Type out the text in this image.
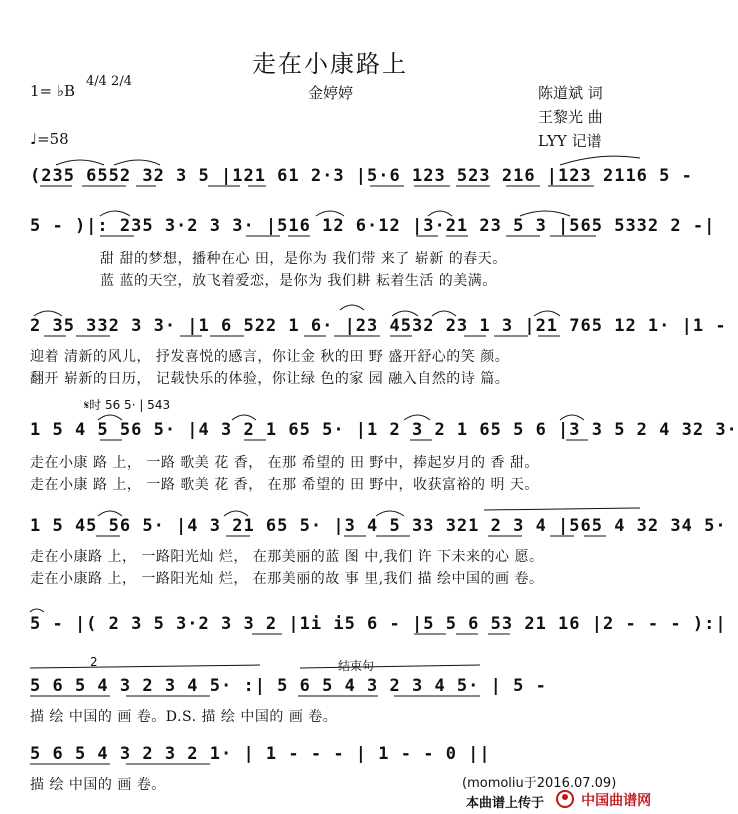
走在小康路上
1= ♭B
4/4 2/4
金婷婷	陈道斌 词
王黎光 曲
LYY 记谱
♩=58
(235 6552 32 3 5 |121 61 2·3 |5·6 123 523 216 |123 2116 5 -
5 - )|: 235 3·2 3 3· |516 12 6·12 |3·21 23 5 3 |565 5332 2 -|
甜 甜的梦想，播种在心 田，是你为 我们带 来了 崭新 的春天。
蓝 蓝的天空，放飞着爱恋，是你为 我们耕 耘着生活 的美满。
2 35 332 3 3· |1 6 522 1 6· |23 4532 23 1 3 |21 765 12 1· |1 -
迎着 清新的风儿， 抒发喜悦的感言，你让金 秋的田 野 盛开舒心的笑 颜。
翻开 崭新的日历， 记载快乐的体验，你让绿 色的家 园 融入自然的诗 篇。
𝄋时 56 5· | 543
1 5 4 5 56 5· |4 3 2 1 65 5· |1 2 3 2 1 65 5 6 |3 3 5 2 4 32 3·
走在小康 路 上， 一路 歌美 花 香， 在那 希望的 田 野中，捧起岁月的 香 甜。
走在小康 路 上， 一路 歌美 花 香， 在那 希望的 田 野中，收获富裕的 明 天。
1 5 45 56 5· |4 3 21 65 5· |3 4 5 33 321 2 3 4 |565 4 32 34 5·
走在小康路 上， 一路阳光灿 烂， 在那美丽的蓝 图 中,我们 许 下未来的心 愿。
走在小康路 上， 一路阳光灿 烂， 在那美丽的故 事 里,我们 描 绘中国的画 卷。
5 - |( 2 3 5 3·2 3 3 2 |1i i5 6 - |5 5 6 53 21 16 |2 - - - ):|
2	结束句
5 6 5 4 3 2 3 4 5· :| 5 6 5 4 3 2 3 4 5· | 5 -
描 绘 中国的 画 卷。D.S. 描 绘 中国的 画 卷。
5 6 5 4 3 2 3 2 1· | 1 - - - | 1 - - 0 ||
描 绘 中国的 画 卷。	(momoliu于2016.07.09)
本曲谱上传于	中国曲谱网
